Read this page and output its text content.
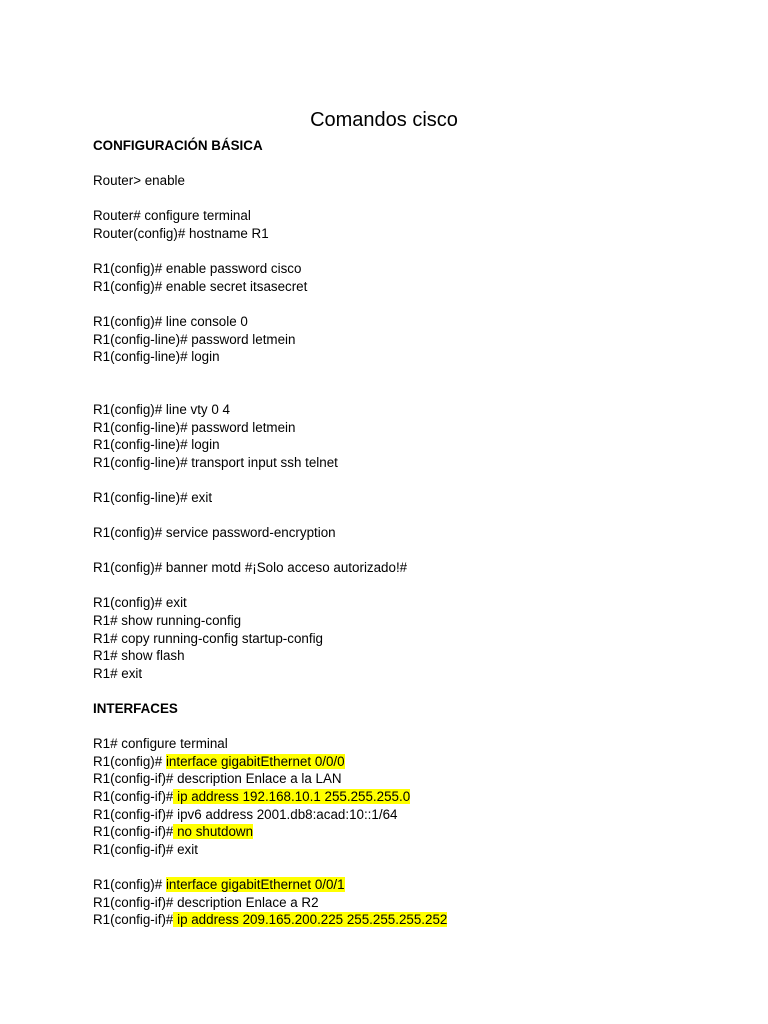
Comandos cisco
CONFIGURACIÓN BÁSICA

Router> enable

Router# configure terminal
Router(config)# hostname R1

R1(config)# enable password cisco
R1(config)# enable secret itsasecret

R1(config)# line console 0
R1(config-line)# password letmein
R1(config-line)# login

R1(config)# line vty 0 4
R1(config-line)# password letmein
R1(config-line)# login
R1(config-line)# transport input ssh telnet

R1(config-line)# exit

R1(config)# service password-encryption

R1(config)# banner motd #¡Solo acceso autorizado!#

R1(config)# exit
R1# show running-config
R1# copy running-config startup-config
R1# show flash
R1# exit

INTERFACES

R1# configure terminal
R1(config)# interface gigabitEthernet 0/0/0
R1(config-if)# description Enlace a la LAN
R1(config-if)# ip address 192.168.10.1 255.255.255.0
R1(config-if)# ipv6 address 2001.db8:acad:10::1/64
R1(config-if)# no shutdown
R1(config-if)# exit

R1(config)# interface gigabitEthernet 0/0/1
R1(config-if)# description Enlace a R2
R1(config-if)# ip address 209.165.200.225 255.255.255.252
